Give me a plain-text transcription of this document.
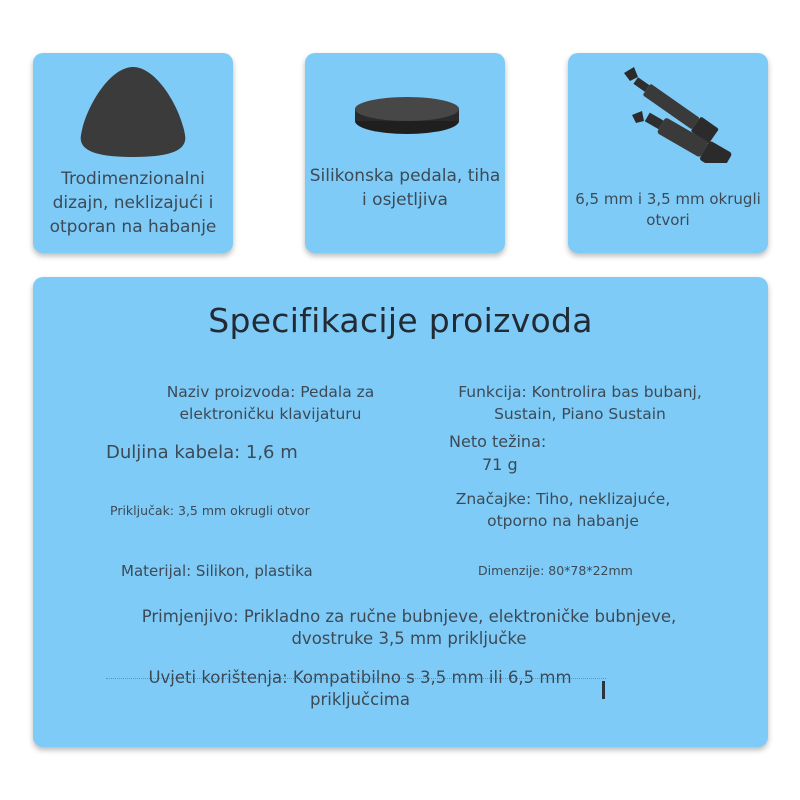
Trodimenzionalni dizajn, neklizajući i otporan na habanje
Silikonska pedala, tiha i osjetljiva	6,5 mm i 3,5 mm okrugli otvori
Specifikacije proizvoda
Naziv proizvoda: Pedala za elektroničku klavijaturu
Funkcija: Kontrolira bas bubanj, Sustain, Piano Sustain
Duljina kabela: 1,6 m
Neto težina:
71 g
Priključak: 3,5 mm okrugli otvor
Značajke: Tiho, neklizajuće, otporno na habanje
Materijal: Silikon, plastika	Dimenzije: 80*78*22mm
Primjenjivo: Prikladno za ručne bubnjeve, elektroničke bubnjeve, dvostruke 3,5 mm priključke
Uvjeti korištenja: Kompatibilno s 3,5 mm ili 6,5 mm priključcima
